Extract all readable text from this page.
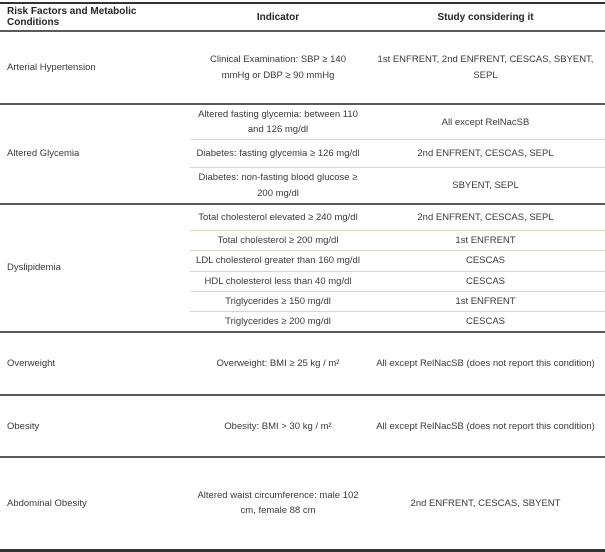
Risk Factors and Metabolic Conditions	Indicator	Study considering it
Arterial Hypertension	Clinical Examination: SBP ≥ 140 mmHg or DBP ≥ 90 mmHg	1st ENFRENT, 2nd ENFRENT, CESCAS, SBYENT, SEPL
Altered Glycemia	Altered fasting glycemia: between 110 and 126 mg/dl	All except RelNacSB
	Diabetes: fasting glycemia ≥ 126 mg/dl	2nd ENFRENT, CESCAS, SEPL
	Diabetes: non-fasting blood glucose ≥ 200 mg/dl	SBYENT, SEPL
Dyslipidemia	Total cholesterol elevated ≥ 240 mg/dl	2nd ENFRENT, CESCAS, SEPL
	Total cholesterol ≥ 200 mg/dl	1st ENFRENT
	LDL cholesterol greater than 160 mg/dl	CESCAS
	HDL cholesterol less than 40 mg/dl	CESCAS
	Triglycerides ≥ 150 mg/dl	1st ENFRENT
	Triglycerides ≥ 200 mg/dl	CESCAS
Overweight	Overweight: BMI ≥ 25 kg / m²	All except RelNacSB (does not report this condition)
Obesity	Obesity: BMI > 30 kg / m²	All except RelNacSB (does not report this condition)
Abdominal Obesity	Altered waist circumference: male 102 cm, female 88 cm	2nd ENFRENT, CESCAS, SBYENT
